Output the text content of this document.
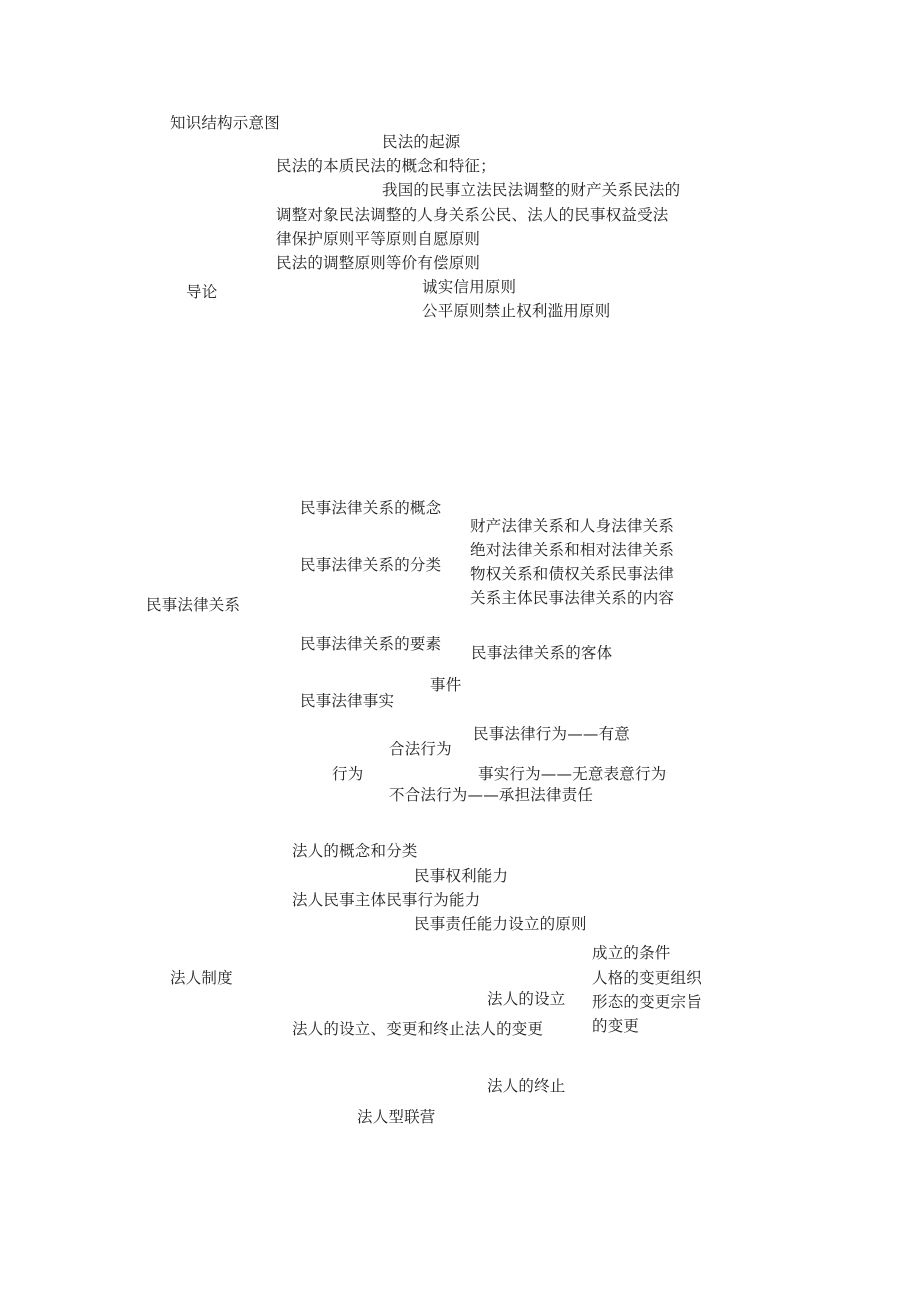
知识结构示意图
导论
民法的起源
民法的本质民法的概念和特征；
我国的民事立法民法调整的财产关系民法的
调整对象民法调整的人身关系公民、法人的民事权益受法
律保护原则平等原则自愿原则
民法的调整原则等价有偿原则
诚实信用原则
公平原则禁止权利滥用原则
民事法律关系
民事法律关系的概念
民事法律关系的分类
财产法律关系和人身法律关系
绝对法律关系和相对法律关系
物权关系和债权关系民事法律
关系主体民事法律关系的内容
民事法律关系的要素 民事法律关系的客体
事件
民事法律事实
民事法律行为——有意
合法行为
行为	事实行为——无意表意行为
不合法行为——承担法律责任
法人制度
法人的概念和分类
民事权利能力
法人民事主体民事行为能力
民事责任能力设立的原则
成立的条件
人格的变更组织
形态的变更宗旨
的变更
法人的设立
法人的设立、变更和终止法人的变更
法人的终止
法人型联营
